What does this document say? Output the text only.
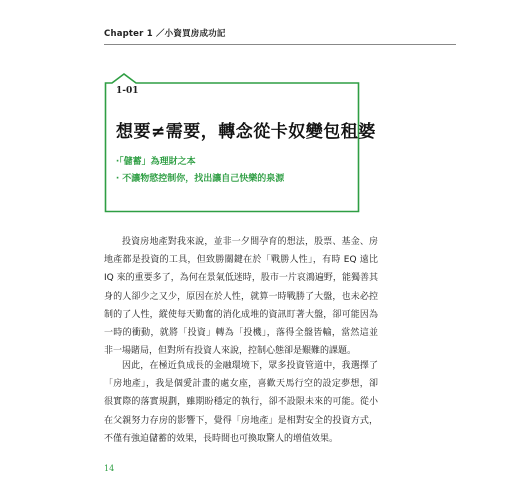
Chapter 1 ／小資買房成功記
1-01
想要≠需要，轉念從卡奴變包租婆
‧「儲蓄」為理財之本
‧ 不讓物慾控制你，找出讓自己快樂的泉源

投資房地產對我來說，並非一夕間孕育的想法，股票、基金、房地產都是投資的工具，但致勝關鍵在於「戰勝人性」，有時 EQ 遠比 IQ 來的重要多了，為何在景氣低迷時，股市一片哀鴻遍野，能獨善其身的人卻少之又少，原因在於人性，就算一時戰勝了大盤，也未必控制的了人性，縱使每天勤奮的消化成堆的資訊盯著大盤，卻可能因為一時的衝動，就將「投資」轉為「投機」，落得全盤皆輸，當然這並非一場賭局，但對所有投資人來說，控制心態卻是艱難的課題。

因此，在極近負成長的金融環境下，眾多投資管道中，我選擇了「房地產」，我是個愛計畫的處女座，喜歡天馬行空的設定夢想，卻很實際的落實規劃，雖期盼穩定的執行，卻不設限未來的可能。從小在父親努力存房的影響下，覺得「房地產」是相對安全的投資方式，不僅有強迫儲蓄的效果，長時間也可換取驚人的增值效果。

14
